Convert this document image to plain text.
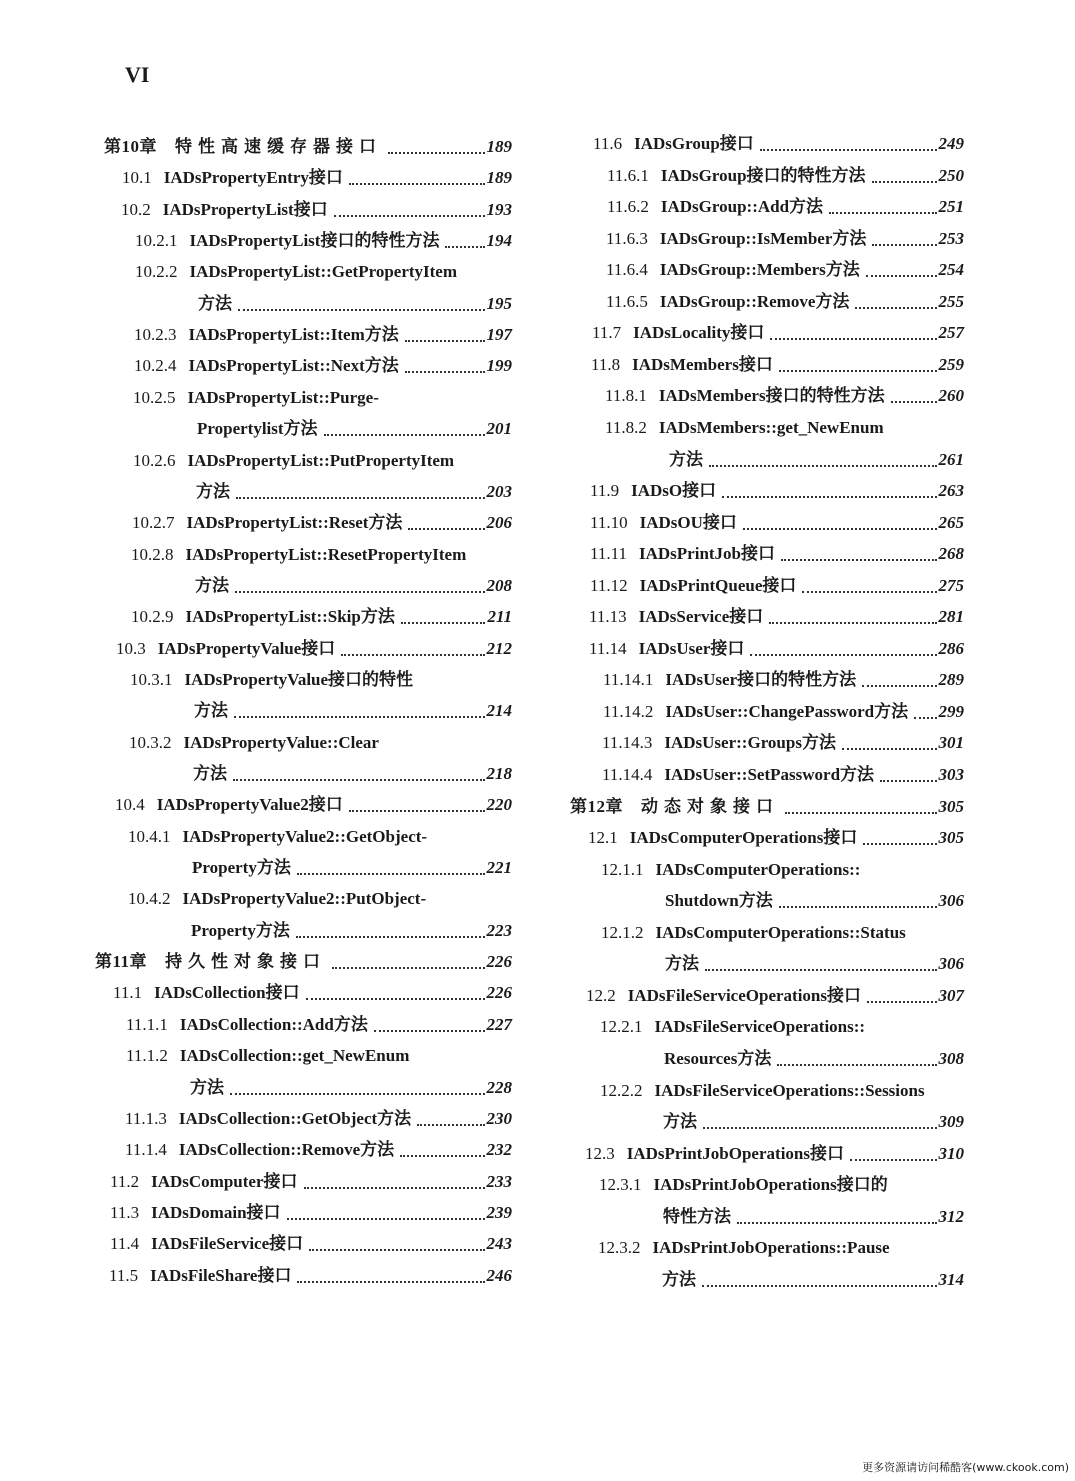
VI
第10章 特性高速缓存器接口	189
10.1 IADsPropertyEntry接口	189
10.2 IADsPropertyList接口	193
10.2.1 IADsPropertyList接口的特性方法	194
10.2.2 IADsPropertyList::GetPropertyItem
方法	195
10.2.3 IADsPropertyList::Item方法	197
10.2.4 IADsPropertyList::Next方法	199
10.2.5 IADsPropertyList::Purge-
Propertylist方法	201
10.2.6 IADsPropertyList::PutPropertyItem
方法	203
10.2.7 IADsPropertyList::Reset方法	206
10.2.8 IADsPropertyList::ResetPropertyItem
方法	208
10.2.9 IADsPropertyList::Skip方法	211
10.3 IADsPropertyValue接口	212
10.3.1 IADsPropertyValue接口的特性
方法	214
10.3.2 IADsPropertyValue::Clear
方法	218
10.4 IADsPropertyValue2接口	220
10.4.1 IADsPropertyValue2::GetObject-
Property方法	221
10.4.2 IADsPropertyValue2::PutObject-
Property方法	223
第11章 持久性对象接口	226
11.1 IADsCollection接口	226
11.1.1 IADsCollection::Add方法	227
11.1.2 IADsCollection::get_NewEnum
方法	228
11.1.3 IADsCollection::GetObject方法	230
11.1.4 IADsCollection::Remove方法	232
11.2 IADsComputer接口	233
11.3 IADsDomain接口	239
11.4 IADsFileService接口	243
11.5 IADsFileShare接口	246
11.6 IADsGroup接口	249
11.6.1 IADsGroup接口的特性方法	250
11.6.2 IADsGroup::Add方法	251
11.6.3 IADsGroup::IsMember方法	253
11.6.4 IADsGroup::Members方法	254
11.6.5 IADsGroup::Remove方法	255
11.7 IADsLocality接口	257
11.8 IADsMembers接口	259
11.8.1 IADsMembers接口的特性方法	260
11.8.2 IADsMembers::get_NewEnum
方法	261
11.9 IADsO接口	263
11.10 IADsOU接口	265
11.11 IADsPrintJob接口	268
11.12 IADsPrintQueue接口	275
11.13 IADsService接口	281
11.14 IADsUser接口	286
11.14.1 IADsUser接口的特性方法	289
11.14.2 IADsUser::ChangePassword方法 299
11.14.3 IADsUser::Groups方法	301
11.14.4 IADsUser::SetPassword方法	303
第12章 动态对象接口	305
12.1 IADsComputerOperations接口	305
12.1.1 IADsComputerOperations::
Shutdown方法	306
12.1.2 IADsComputerOperations::Status
方法	306
12.2 IADsFileServiceOperations接口	307
12.2.1 IADsFileServiceOperations::
Resources方法	308
12.2.2 IADsFileServiceOperations::Sessions
方法	309
12.3 IADsPrintJobOperations接口	310
12.3.1 IADsPrintJobOperations接口的
特性方法	312
12.3.2 IADsPrintJobOperations::Pause
方法	314
更多资源请访问稀酷客(www.ckook.com)
